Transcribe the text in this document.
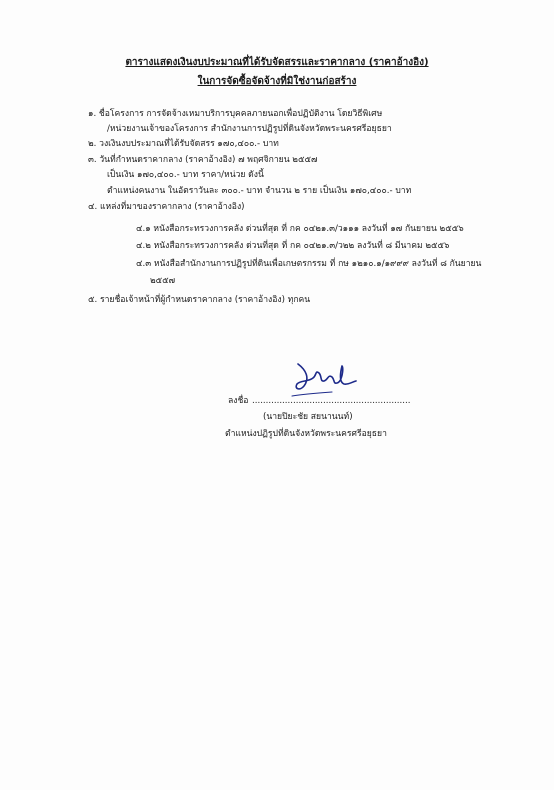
ตารางแสดงเงินงบประมาณที่ได้รับจัดสรรและราคากลาง (ราคาอ้างอิง)
ในการจัดซื้อจัดจ้างที่มิใช่งานก่อสร้าง
๑. ชื่อโครงการ การจัดจ้างเหมาบริการบุคคลภายนอกเพื่อปฏิบัติงาน โดยวิธีพิเศษ
/หน่วยงานเจ้าของโครงการ สำนักงานการปฏิรูปที่ดินจังหวัดพระนครศรีอยุธยา
๒. วงเงินงบประมาณที่ได้รับจัดสรร ๑๗๐,๔๐๐.- บาท
๓. วันที่กำหนดราคากลาง (ราคาอ้างอิง) ๗ พฤศจิกายน ๒๕๕๗
เป็นเงิน ๑๗๐,๔๐๐.- บาท ราคา/หน่วย ดังนี้
ตำแหน่งคนงาน ในอัตราวันละ ๓๐๐.- บาท จำนวน ๒ ราย เป็นเงิน ๑๗๐,๔๐๐.- บาท
๔. แหล่งที่มาของราคากลาง (ราคาอ้างอิง)
๔.๑ หนังสือกระทรวงการคลัง ด่วนที่สุด ที่ กค ๐๔๒๑.๓/ว๑๑๑ ลงวันที่ ๑๗ กันยายน ๒๕๕๖
๔.๒ หนังสือกระทรวงการคลัง ด่วนที่สุด ที่ กค ๐๔๒๑.๓/ว๒๒ ลงวันที่ ๘ มีนาคม ๒๕๕๖
๔.๓ หนังสือสำนักงานการปฏิรูปที่ดินเพื่อเกษตรกรรม ที่ กษ ๑๒๑๐.๑/๑๙๙๙ ลงวันที่ ๘ กันยายน
๒๕๕๗
๕. รายชื่อเจ้าหน้าที่ผู้กำหนดราคากลาง (ราคาอ้างอิง) ทุกคน
ลงชื่อ ..........................................................
(นายปิยะชัย สยนานนท์)
ตำแหน่งปฏิรูปที่ดินจังหวัดพระนครศรีอยุธยา
